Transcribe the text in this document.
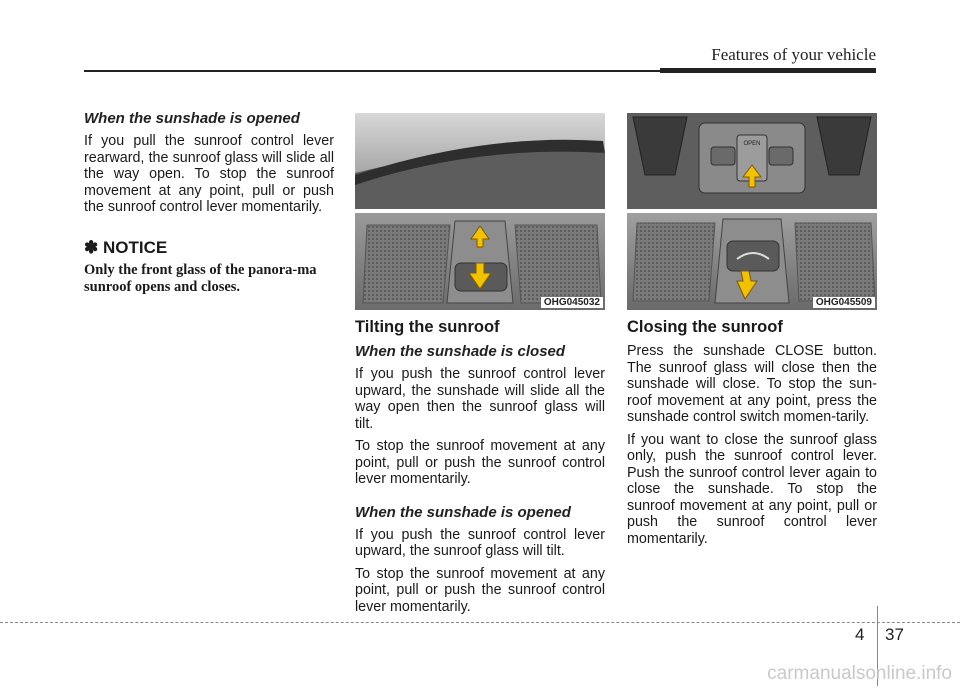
Features of your vehicle

When the sunshade is opened

If you pull the sunroof control lever rearward, the sunroof glass will slide all the way open. To stop the sunroof movement at any point, pull or push the sunroof control lever momentarily.

✽ NOTICE

Only the front glass of the panora-ma sunroof opens and closes.

OHG045032
Tilting the sunroof

When the sunshade is closed

If you push the sunroof control lever upward, the sunshade will slide all the way open then the sunroof glass will tilt.

To stop the sunroof movement at any point, pull or push the sunroof control lever momentarily.

When the sunshade is opened

If you push the sunroof control lever upward, the sunroof glass will tilt.

To stop the sunroof movement at any point, pull or push the sunroof control lever momentarily.

OPEN
OHG045509
Closing the sunroof

Press the sunshade CLOSE button. The sunroof glass will close then the sunshade will close. To stop the sun-roof movement at any point, press the sunshade control switch momen-tarily.

If you want to close the sunroof glass only, push the sunroof control lever. Push the sunroof control lever again to close the sunshade. To stop the sunroof movement at any point, pull or push the sunroof control lever momentarily.

4 37
carmanualsonline.info
